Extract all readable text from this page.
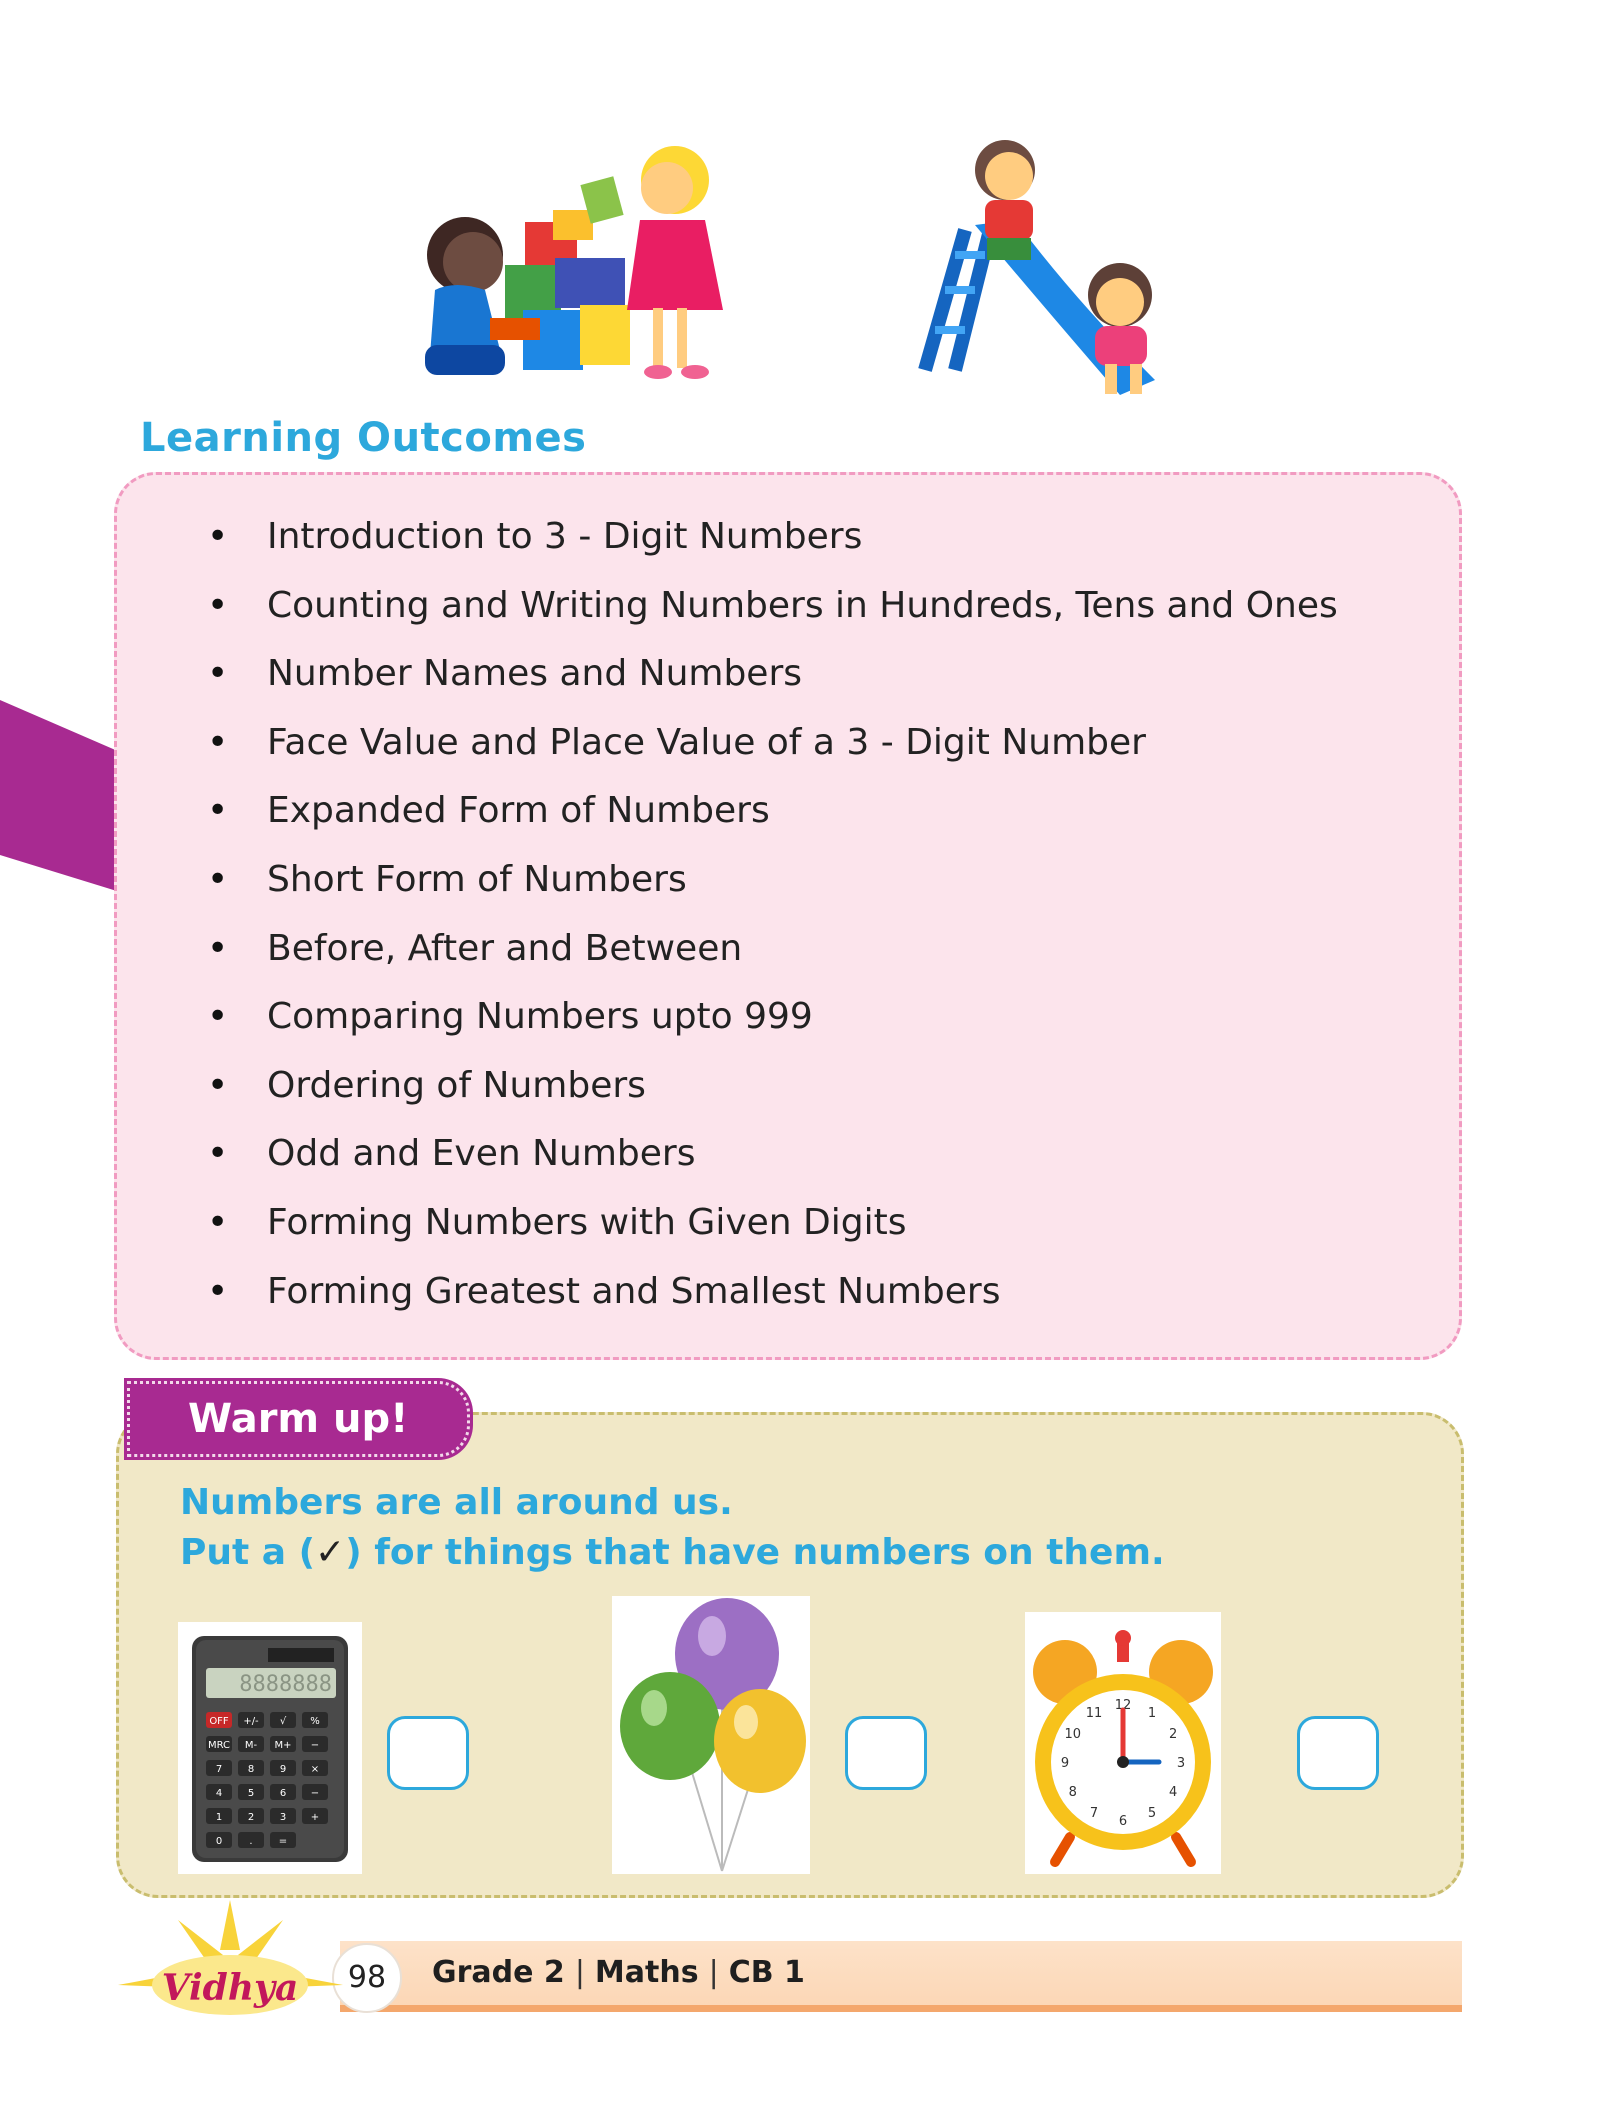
Learning Outcomes
• Introduction to 3 - Digit Numbers
• Counting and Writing Numbers in Hundreds, Tens and Ones
• Number Names and Numbers
• Face Value and Place Value of a 3 - Digit Number
• Expanded Form of Numbers
• Short Form of Numbers
• Before, After and Between
• Comparing Numbers upto 999
• Ordering of Numbers
• Odd and Even Numbers
• Forming Numbers with Given Digits
• Forming Greatest and Smallest Numbers
Warm up!
Numbers are all around us.
Put a (✓) for things that have numbers on them.
8888888
OFF +/- √ %
MRC M- M+ −
7	8	9 ×
4	5	6 −
1	2	3 +
0	.	=
12
1
2
3
4
5
6
7
8
9
10
11
98	Grade 2 | Maths | CB 1
Vidhya
